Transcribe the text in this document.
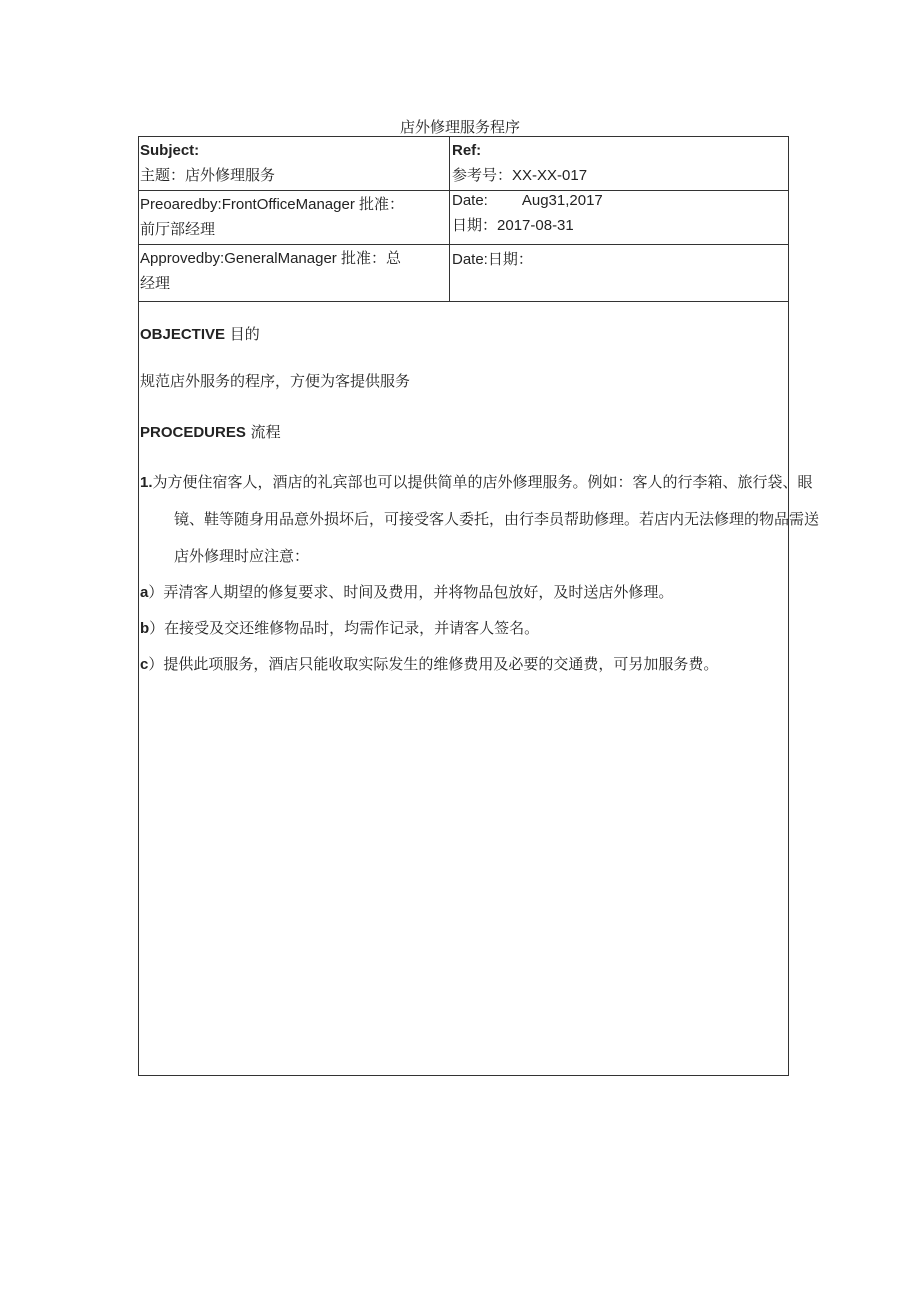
店外修理服务程序
Subject:
主题：店外修理服务
Ref:
参考号：XX-XX-017
Preoaredby:FrontOfficeManager 批准：
前厅部经理
Date: Aug31,2017
日期：2017-08-31
Approvedby:GeneralManager 批准：总
经理
Date:日期：
OBJECTIVE 目的
规范店外服务的程序，方便为客提供服务
PROCEDURES 流程
1.为方便住宿客人，酒店的礼宾部也可以提供简单的店外修理服务。例如：客人的行李箱、旅行袋、眼镜、鞋等随身用品意外损坏后，可接受客人委托，由行李员帮助修理。若店内无法修理的物品需送店外修理时应注意：
a）弄清客人期望的修复要求、时间及费用，并将物品包放好，及时送店外修理。
b）在接受及交还维修物品时，均需作记录，并请客人签名。
c）提供此项服务，酒店只能收取实际发生的维修费用及必要的交通费，可另加服务费。
